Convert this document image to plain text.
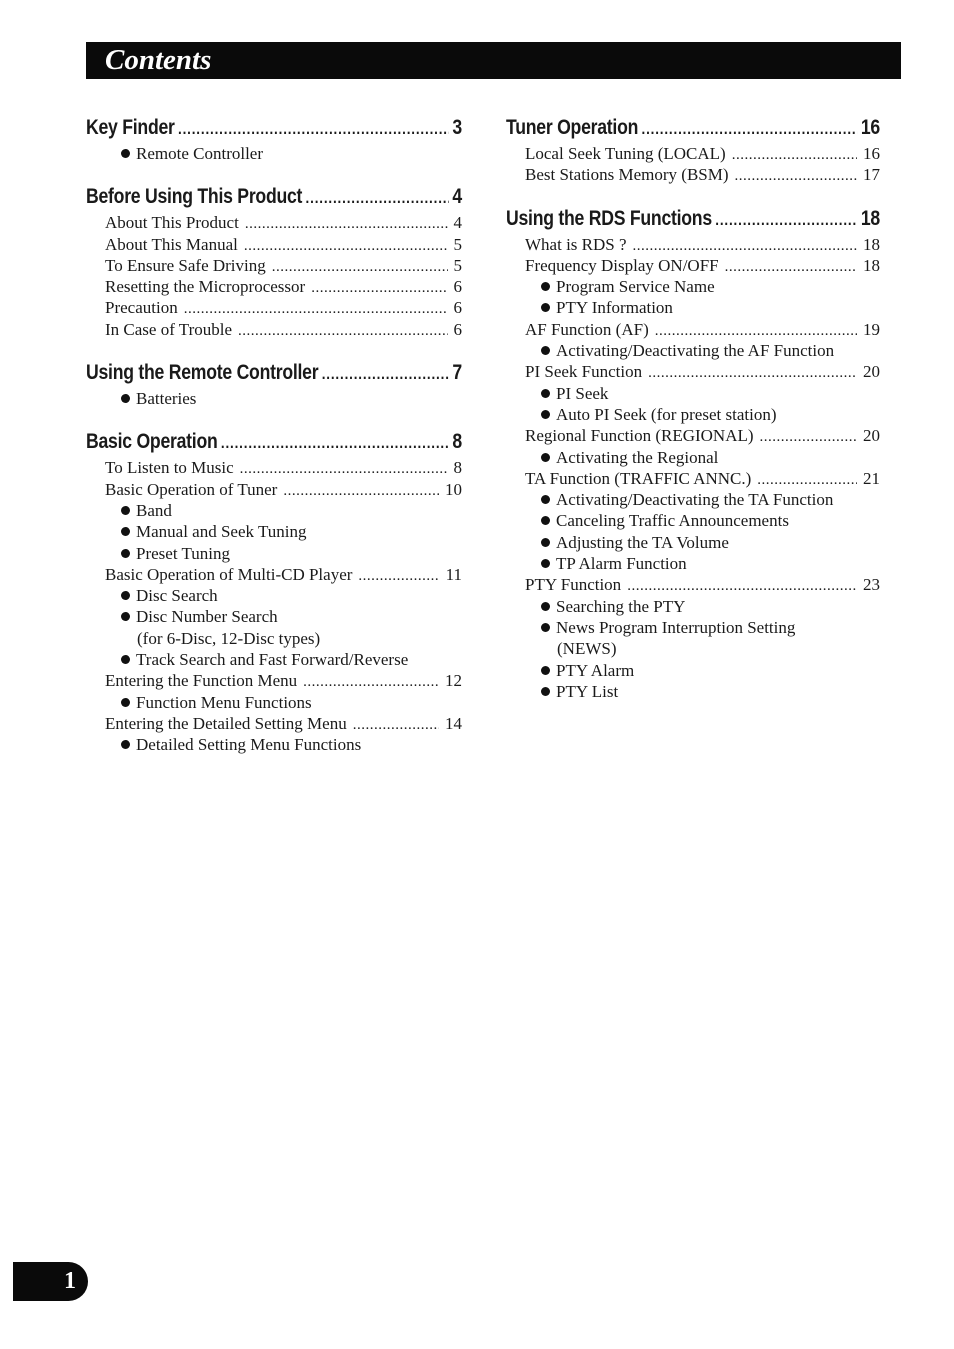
Contents
Key Finder .....	3
Remote Controller
Before Using This Product .....	4
About This Product .....	4
About This Manual .....	5
To Ensure Safe Driving .....	5
Resetting the Microprocessor .....	6
Precaution .....	6
In Case of Trouble .....	6
Using the Remote Controller .....	7
Batteries
Basic Operation .....	8
To Listen to Music .....	8
Basic Operation of Tuner .....	10
Band
Manual and Seek Tuning
Preset Tuning
Basic Operation of Multi-CD Player .....	11
Disc Search
Disc Number Search
(for 6-Disc, 12-Disc types)
Track Search and Fast Forward/Reverse
Entering the Function Menu .....	12
Function Menu Functions
Entering the Detailed Setting Menu .....	14
Detailed Setting Menu Functions
Tuner Operation .....	16
Local Seek Tuning (LOCAL) .....	16
Best Stations Memory (BSM) .....	17
Using the RDS Functions .....	18
What is RDS ? .....	18
Frequency Display ON/OFF .....	18
Program Service Name
PTY Information
AF Function (AF) .....	19
Activating/Deactivating the AF Function
PI Seek Function .....	20
PI Seek
Auto PI Seek (for preset station)
Regional Function (REGIONAL) .....	20
Activating the Regional
TA Function (TRAFFIC ANNC.) .....	21
Activating/Deactivating the TA Function
Canceling Traffic Announcements
Adjusting the TA Volume
TP Alarm Function
PTY Function .....	23
Searching the PTY
News Program Interruption Setting
(NEWS)
PTY Alarm
PTY List
1
